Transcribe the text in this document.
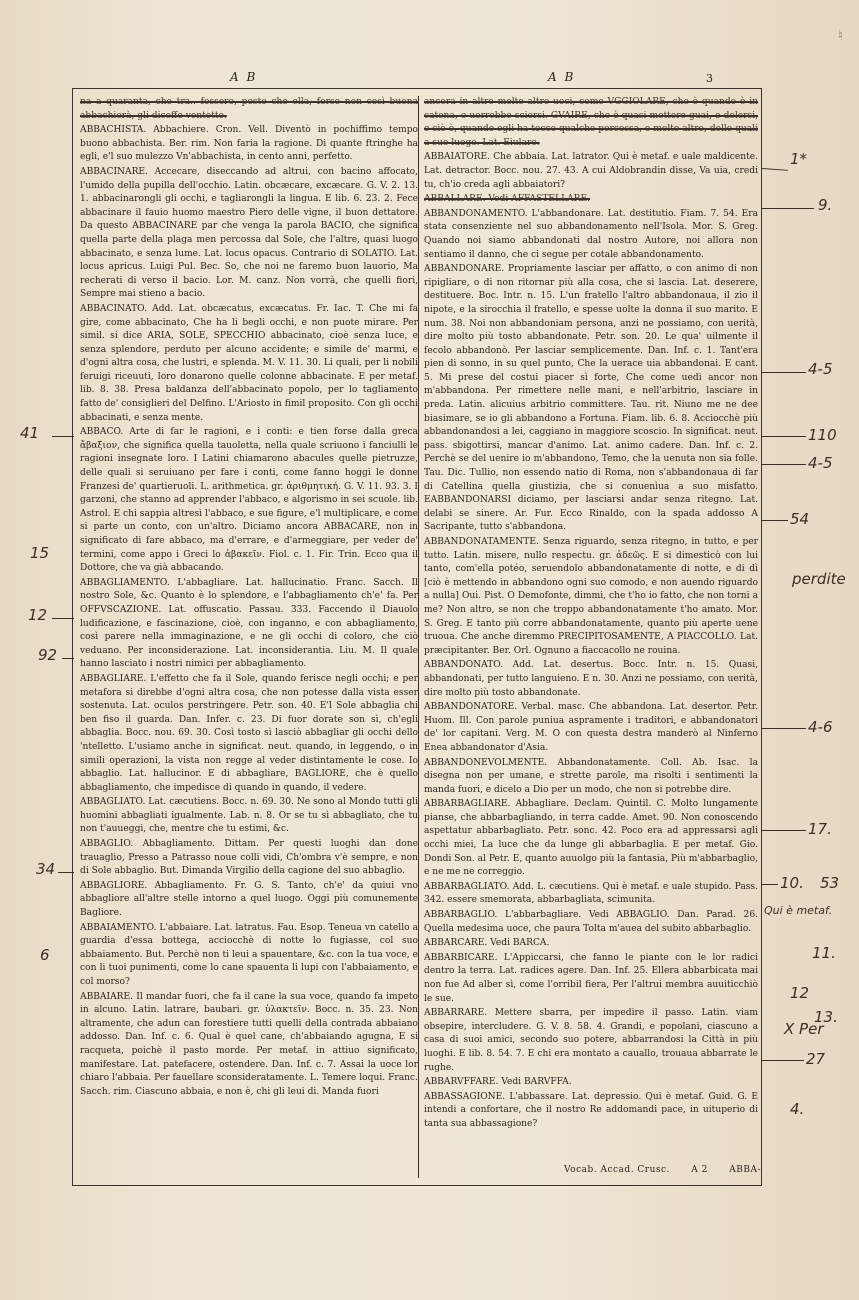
♮
A B	A B	3

na a quaranta, che tra.. fossero, posto che ella, forse non così buona abbachierà, gli diceffe ventotto.

ABBACHISTA. Abbachiere. Cron. Vell. Diventò in pochiffimo tempo buono abbachista. Ber. rim. Non faria la ragione. Di quante ftringhe ha egli, e'l suo mulezzo Vn'abbachista, in cento anni, perfetto.

ABBACINARE. Accecare, diseccando ad altrui, con bacino affocato, l'umido della pupilla dell'occhio. Latin. obcæcare, excæcare. G. V. 2. 13. 1. abbacinarongli gli occhi, e tagliarongli la lingua. E lib. 6. 23. 2. Fece abbacinare il fauio huomo maestro Piero delle vigne, il buon dettatore. Da questo ABBACINARE par che venga la parola BACIO, che significa quella parte della plaga men percossa dal Sole, che l'altre, quasi luogo abbacinato, e senza lume. Lat. locus opacus. Contrario di SOLATIO. Lat. locus apricus. Luigi Pul. Bec. So, che noi ne faremo buon lauorio, Ma recherati di verso il bacio. Lor. M. canz. Non vorrà, che quelli fiori, Sempre mai stieno a bacio.

ABBACINATO. Add. Lat. obcæcatus, excæcatus. Fr. Iac. T. Che mi fa gire, come abbacinato, Che ha li begli occhi, e non puote mirare. Per simil. si dice ARIA, SOLE, SPECCHIO abbacinato, cioè senza luce, e senza splendore, perduto per alcuno accidente; e simile de' marmi, e d'ogni altra cosa, che lustri, e splenda. M. V. 11. 30. Li quali, per li nobili feruigi riceuuti, loro donarono quelle colonne abbacinate. E per metaf. lib. 8. 38. Presa baldanza dell'abbacinato popolo, per lo tagliamento fatto de' consiglieri del Delfino. L'Ariosto in fimil proposito. Con gli occhi abbacinati, e senza mente.

ABBACO. Arte di far le ragioni, e i conti: e tien forse dalla greca ἄβαξιον, che significa quella tauoletta, nella quale scriuono i fanciulli le ragioni insegnate loro. I Latini chiamarono abacules quelle pietruzze, delle quali si seruiuano per fare i conti, come fanno hoggi le donne Franzesi de' quartieruoli. L. arithmetica. gr. ἀριθμητική. G. V. 11. 93. 3. I garzoni, che stanno ad apprender l'abbaco, e algorismo in sei scuole. lib. Astrol. E chi sappia altresì l'abbaco, e sue figure, e'l multiplicare, e come si parte un conto, con un'altro. Diciamo ancora ABBACARE, non in significato di fare abbaco, ma d'errare, e d'armeggiare, per veder de' termini, come appo i Greci lo ἀβακεῖν. Fiol. c. 1. Fir. Trin. Ecco qua il Dottore, che va già abbacando.

ABBAGLIAMENTO. L'abbagliare. Lat. hallucinatio. Franc. Sacch. Il nostro Sole, &c. Quanto è lo splendore, e l'abbagliamento ch'e' fa. Per OFFVSCAZIONE. Lat. offuscatio. Passau. 333. Faccendo il Diauolo ludificazione, e fascinazione, cioè, con inganno, e con abbagliamento, così parere nella immaginazione, e ne gli occhi di coloro, che ciò veduano. Per inconsiderazione. Lat. inconsiderantia. Liu. M. Il quale hanno lasciato i nostri nimici per abbagliamento.

ABBAGLIARE. L'effetto che fa il Sole, quando ferisce negli occhi; e per metafora si direbbe d'ogni altra cosa, che non potesse dalla vista esser sostenuta. Lat. oculos perstringere. Petr. son. 40. E'l Sole abbaglia chi ben fiso il guarda. Dan. Infer. c. 23. Di fuor dorate son sì, ch'egli abbaglia. Bocc. nou. 69. 30. Così tosto sì lasciò abbagliar gli occhi dello 'ntelletto. L'usiamo anche in significat. neut. quando, in leggendo, o in simili operazioni, la vista non regge al veder distintamente le cose. Io abbaglio. Lat. hallucinor. E di abbagliare, BAGLIORE, che è quello abbagliamento, che impedisce di quando in quando, il vedere.

ABBAGLIATO. Lat. cæcutiens. Bocc. n. 69. 30. Ne sono al Mondo tutti gli huomini abbagliati igualmente. Lab. n. 8. Or se tu sì abbagliato, che tu non t'auueggi, che, mentre che tu estimi, &c.

ABBAGLIO. Abbagliamento. Dittam. Per questi luoghi dan done trauaglio, Presso a Patrasso noue colli vidi, Ch'ombra v'è sempre, e non di Sole abbaglio. But. Dimanda Virgilio della cagione del suo abbaglio.

ABBAGLIORE. Abbagliamento. Fr. G. S. Tanto, ch'e' da quiui vno abbagliore all'altre stelle intorno a quel luogo. Oggi più comunemente Bagliore.

ABBAIAMENTO. L'abbaiare. Lat. latratus. Fau. Esop. Teneua vn catello a guardia d'essa bottega, acciocchè di notte lo fugiasse, col suo abbaiamento. But. Perchè non ti leui a spauentare, &c. con la tua voce, e con li tuoi punimenti, come lo cane spauenta li lupi con l'abbaiamento, e col morso?

ABBAIARE. Il mandar fuori, che fa il cane la sua voce, quando fa impeto in alcuno. Latin. latrare, baubari. gr. ὑλακτεῖν. Bocc. n. 35. 23. Non altramente, che adun can forestiere tutti quelli della contrada abbaiano addosso. Dan. Inf. c. 6. Qual è quel cane, ch'abbaiando agugna, E si racqueta, poichè il pasto morde. Per metaf. in attiuo significato, manifestare. Lat. patefacere, ostendere. Dan. Inf. c. 7. Assai la uoce lor chiaro l'abbaia. Per fauellare sconsideratamente. L. Temere loqui. Franc. Sacch. rim. Ciascuno abbaia, e non è, chi gli leui di. Manda fuori

ancora in altre molte altre uoci, come VGGIOLARE, che è quando è in catena, e uorrebbe sciorsi. GVAIRE, che è quasi mettere guai, o dolersi, e ciò è, quando egli ha tocco qualche percossa, e molte altre, delle quali a suo luogo. Lat. Eiulare.

ABBAIATORE. Che abbaia. Lat. latrator. Qui è metaf. e uale maldicente. Lat. detractor. Bocc. nou. 27. 43. A cui Aldobrandin disse, Va uia, credi tu, ch'io creda agli abbaiatori?

ABBALLARE. Vedi AFFASTELLARE.

ABBANDONAMENTO. L'abbandonare. Lat. destitutio. Fiam. 7. 54. Era stata consenziente nel suo abbandonamento nell'Isola. Mor. S. Greg. Quando noi siamo abbandonati dal nostro Autore, noi allora non sentiamo il danno, che ci segue per cotale abbandonamento.

ABBANDONARE. Propriamente lasciar per affatto, o con animo di non ripigliare, o di non ritornar più alla cosa, che si lascia. Lat. deserere, destituere. Boc. Intr. n. 15. L'un fratello l'altro abbandonaua, il zio il nipote, e la sirocchia il fratello, e spesse uolte la donna il suo marito. E num. 38. Noi non abbandoniam persona, anzi ne possiamo, con uerità, dire molto più tosto abbandonate. Petr. son. 20. Le qua' uilmente il fecolo abbandonò. Per lasciar semplicemente. Dan. Inf. c. 1. Tant'era pien di sonno, in su quel punto, Che la uerace uia abbandonai. E cant. 5. Mi prese del costui piacer sì forte, Che come uedi ancor non m'abbandona. Per rimettere nelle mani, e nell'arbitrio, lasciare in preda. Latin. alicuius arbitrio committere. Tau. rit. Niuno me ne dee biasimare, se io gli abbandono a Fortuna. Fiam. lib. 6. 8. Acciocchè più abbandonandosi a lei, caggiano in maggiore scoscio. In significat. neut. pass. sbigottirsi, mancar d'animo. Lat. animo cadere. Dan. Inf. c. 2. Perchè se del uenire io m'abbandono, Temo, che la uenuta non sia folle. Tau. Dic. Tullio, non essendo natio di Roma, non s'abbandonaua di far di Catellina quella giustizia, che si conuenìua a suo misfatto. EABBANDONARSI diciamo, per lasciarsi andar senza ritegno. Lat. delabi se sinere. Ar. Fur. Ecco Rinaldo, con la spada addosso A Sacripante, tutto s'abbandona.

ABBANDONATAMENTE. Senza riguardo, senza ritegno, in tutto, e per tutto. Latin. misere, nullo respectu. gr. ἀδεῶς. E si dimesticò con lui tanto, com'ella potéo, seruendolo abbandonatamente di notte, e di dì [ciò è mettendo in abbandono ogni suo comodo, e non auendo riguardo a nulla] Oui. Pist. O Demofonte, dimmi, che t'ho io fatto, che non torni a me? Non altro, se non che troppo abbandonatamente t'ho amato. Mor. S. Greg. E tanto più corre abbandonatamente, quanto più aperte uene truoua. Che anche diremmo PRECIPITOSAMENTE, A PIACCOLLO. Lat. præcipitanter. Ber. Orl. Ognuno a fiaccacollo ne rouina.

ABBANDONATO. Add. Lat. desertus. Bocc. Intr. n. 15. Quasi, abbandonati, per tutto languieno. E n. 30. Anzi ne possiamo, con uerità, dire molto più tosto abbandonate.

ABBANDONATORE. Verbal. masc. Che abbandona. Lat. desertor. Petr. Huom. Ill. Con parole puniua aspramente i traditori, e abbandonatori de' lor capitani. Verg. M. O con questa destra manderò al Ninferno Enea abbandonator d'Asia.

ABBANDONEVOLMENTE. Abbandonatamente. Coll. Ab. Isac. la disegna non per umane, e strette parole, ma risolti i sentimenti la manda fuori, e dicelo a Dio per un modo, che non si potrebbe dire.

ABBARBAGLIARE. Abbagliare. Declam. Quintil. C. Molto lungamente pianse, che abbarbagliando, in terra cadde. Amet. 90. Non conoscendo aspettatur abbarbagliato. Petr. sonc. 42. Poco era ad appressarsi agli occhi miei, La luce che da lunge gli abbarbaglia. E per metaf. Gio. Dondi Son. al Petr. E, quanto auuolgo più la fantasia, Più m'abbarbaglio, e ne me ne correggio.

ABBARBAGLIATO. Add. L. cæcutiens. Qui è metaf. e uale stupido. Pass. 342. essere smemorata, abbarbagliata, scimunita.

ABBARBAGLIO. L'abbarbagliare. Vedi ABBAGLIO. Dan. Parad. 26. Quella medesima uoce, che paura Tolta m'auea del subito abbarbaglio.

ABBARCARE. Vedi BARCA.

ABBARBICARE. L'Appiccarsi, che fanno le piante con le lor radici dentro la terra. Lat. radices agere. Dan. Inf. 25. Ellera abbarbicata mai non fue Ad alber sì, come l'orribil fiera, Per l'altrui membra auuiticchiò le sue.

ABBARRARE. Mettere sbarra, per impedire il passo. Latin. viam obsepire, intercludere. G. V. 8. 58. 4. Grandi, e popolani, ciascuno a casa di suoi amici, secondo suo potere, abbarrandosi la Città in più luoghi. E lib. 8. 54. 7. E chi era montato a cauallo, trouaua abbarrate le rughe.

ABBARVFFARE. Vedi BARVFFA.

ABBASSAGIONE. L'abbassare. Lat. depressio. Qui è metaf. Guid. G. E intendi a confortare, che il nostro Re addomandi pace, in uituperio di tanta sua abbassagione?

Vocab. Accad. Crusc. A 2 ABBA-
1*
9.
4-5
110
4-5
54
perdite
4-6
17.
10. 53
Qui è metaf.
11.
12
13.
X Per
27
4.
41
15
12
92
34
6
